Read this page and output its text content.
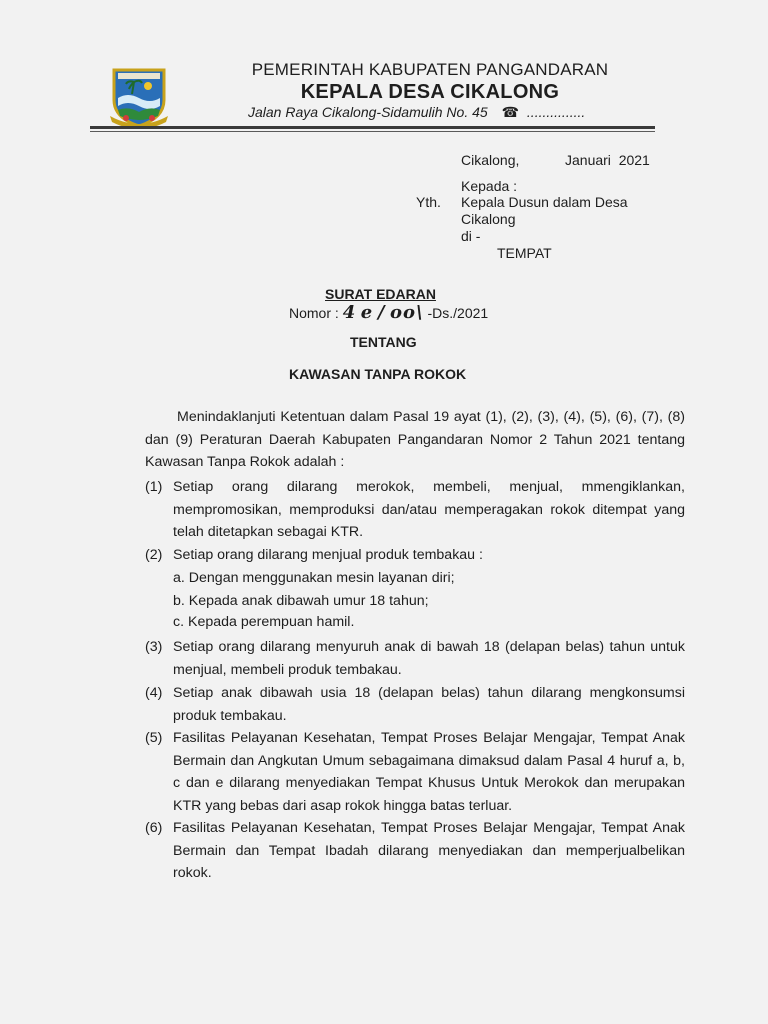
PEMERINTAH KABUPATEN PANGANDARAN
KEPALA DESA CIKALONG
Jalan Raya Cikalong-Sidamulih No. 45 ☎ ...............
Cikalong,	Januari  2021
Kepada :
Yth. Kepala Dusun dalam Desa
Cikalong
di -
TEMPAT
SURAT EDARAN
Nomor : 4 e / oo\ -Ds./2021
TENTANG
KAWASAN TANPA ROKOK
Menindaklanjuti Ketentuan dalam Pasal 19 ayat (1), (2), (3), (4), (5), (6), (7), (8) dan (9) Peraturan Daerah Kabupaten Pangandaran Nomor 2 Tahun 2021 tentang Kawasan Tanpa Rokok adalah :
(1) Setiap orang dilarang merokok, membeli, menjual, mmengiklankan, mempromosikan, memproduksi dan/atau memperagakan rokok ditempat yang telah ditetapkan sebagai KTR.
(2) Setiap orang dilarang menjual produk tembakau :
a. Dengan menggunakan mesin layanan diri;
b. Kepada anak dibawah umur 18 tahun;
c. Kepada perempuan hamil.
(3) Setiap orang dilarang menyuruh anak di bawah 18 (delapan belas) tahun untuk menjual, membeli produk tembakau.
(4) Setiap anak dibawah usia 18 (delapan belas) tahun dilarang mengkonsumsi produk tembakau.
(5) Fasilitas Pelayanan Kesehatan, Tempat Proses Belajar Mengajar, Tempat Anak Bermain dan Angkutan Umum sebagaimana dimaksud dalam Pasal 4 huruf a, b, c dan e dilarang menyediakan Tempat Khusus Untuk Merokok dan merupakan KTR yang bebas dari asap rokok hingga batas terluar.
(6) Fasilitas Pelayanan Kesehatan, Tempat Proses Belajar Mengajar, Tempat Anak Bermain dan Tempat Ibadah dilarang menyediakan dan memperjualbelikan rokok.
